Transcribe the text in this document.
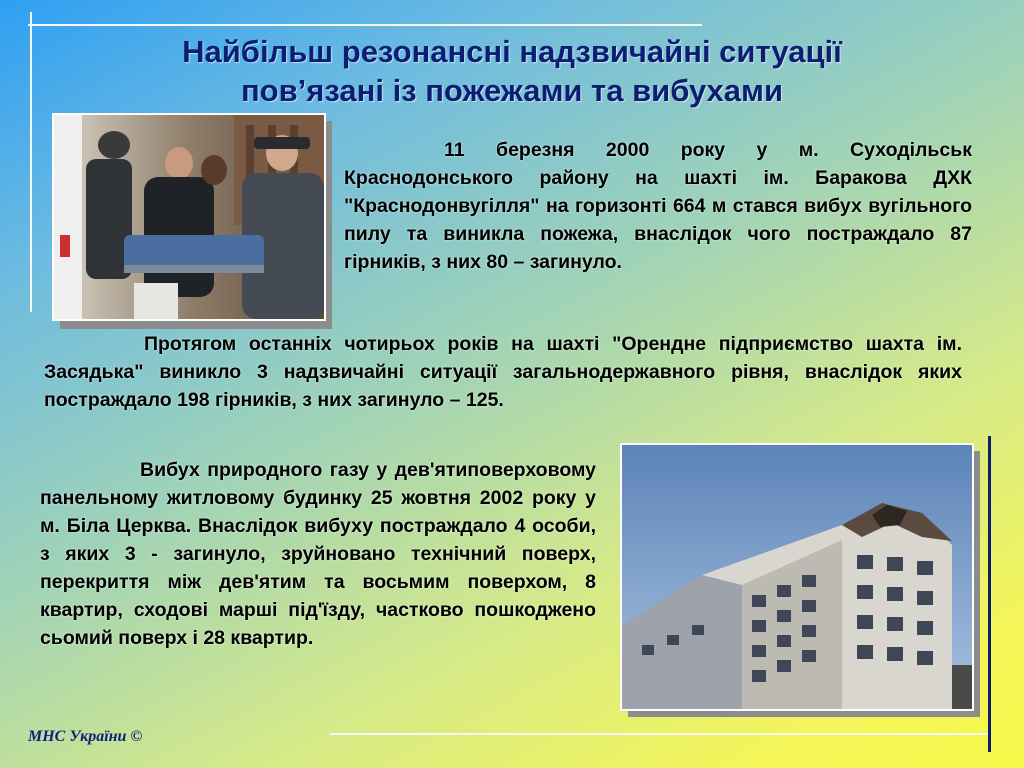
Найбільш резонансні надзвичайні ситуації
пов’язані із пожежами та вибухами

11 березня 2000 року у м. Суходільськ Краснодонського району на шахті ім. Баракова ДХК "Краснодонвугілля" на горизонті 664 м стався вибух вугільного пилу та виникла пожежа, внаслідок чого постраждало 87 гірників, з них 80 – загинуло.

Протягом останніх чотирьох років на шахті "Орендне підприємство шахта ім. Засядька" виникло 3 надзвичайні ситуації загальнодержавного рівня, внаслідок яких постраждало 198 гірників, з них загинуло – 125.

Вибух природного газу у дев'ятиповерховому панельному житловому будинку 25 жовтня 2002 року у м. Біла Церква. Внаслідок вибуху постраждало 4 особи, з яких 3 - загинуло, зруйновано технічний поверх, перекриття між дев'ятим та восьмим поверхом, 8 квартир, сходові марші під'їзду, частково пошкоджено сьомий поверх і 28 квартир.

МНС України ©
